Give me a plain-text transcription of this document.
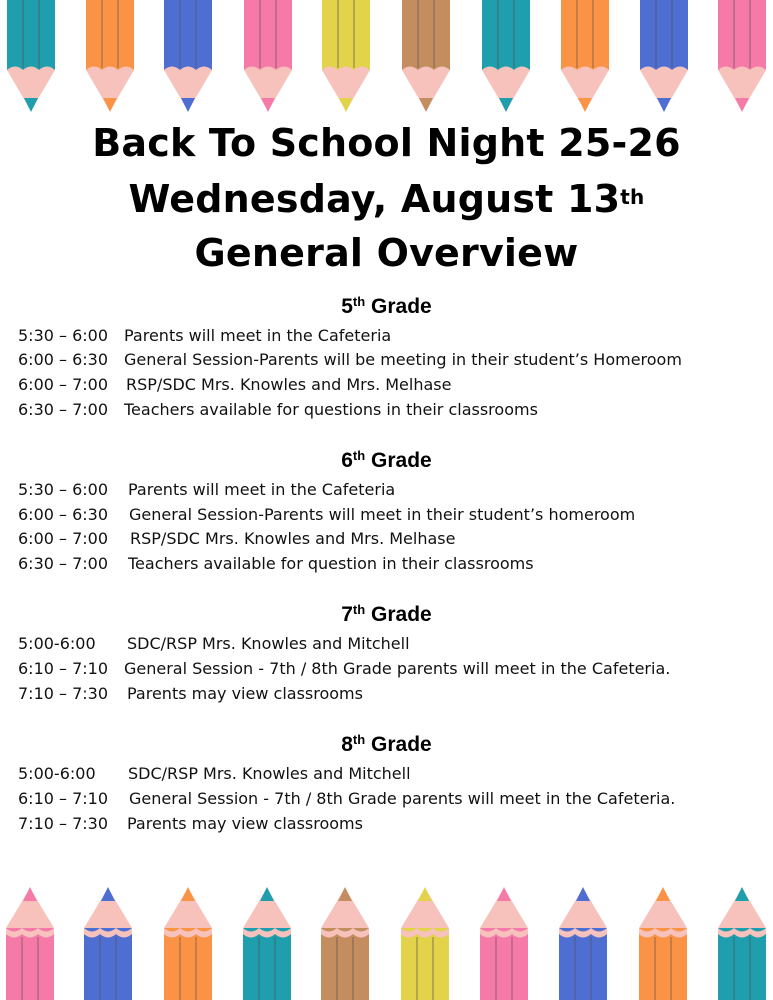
Back To School Night 25-26
Wednesday, August 13th
General Overview
5th Grade
5:30 – 6:00 Parents will meet in the Cafeteria
6:00 – 6:30 General Session-Parents will be meeting in their student’s Homeroom
6:00 – 7:00 RSP/SDC Mrs. Knowles and Mrs. Melhase
6:30 – 7:00 Teachers available for questions in their classrooms
6th Grade
5:30 – 6:00 Parents will meet in the Cafeteria
6:00 – 6:30 General Session-Parents will meet in their student’s homeroom
6:00 – 7:00 RSP/SDC Mrs. Knowles and Mrs. Melhase
6:30 – 7:00 Teachers available for question in their classrooms
7th Grade
5:00-6:00 SDC/RSP Mrs. Knowles and Mitchell
6:10 – 7:10 General Session - 7th / 8th Grade parents will meet in the Cafeteria.
7:10 – 7:30 Parents may view classrooms
8th Grade
5:00-6:00 SDC/RSP Mrs. Knowles and Mitchell
6:10 – 7:10 General Session - 7th / 8th Grade parents will meet in the Cafeteria.
7:10 – 7:30 Parents may view classrooms
